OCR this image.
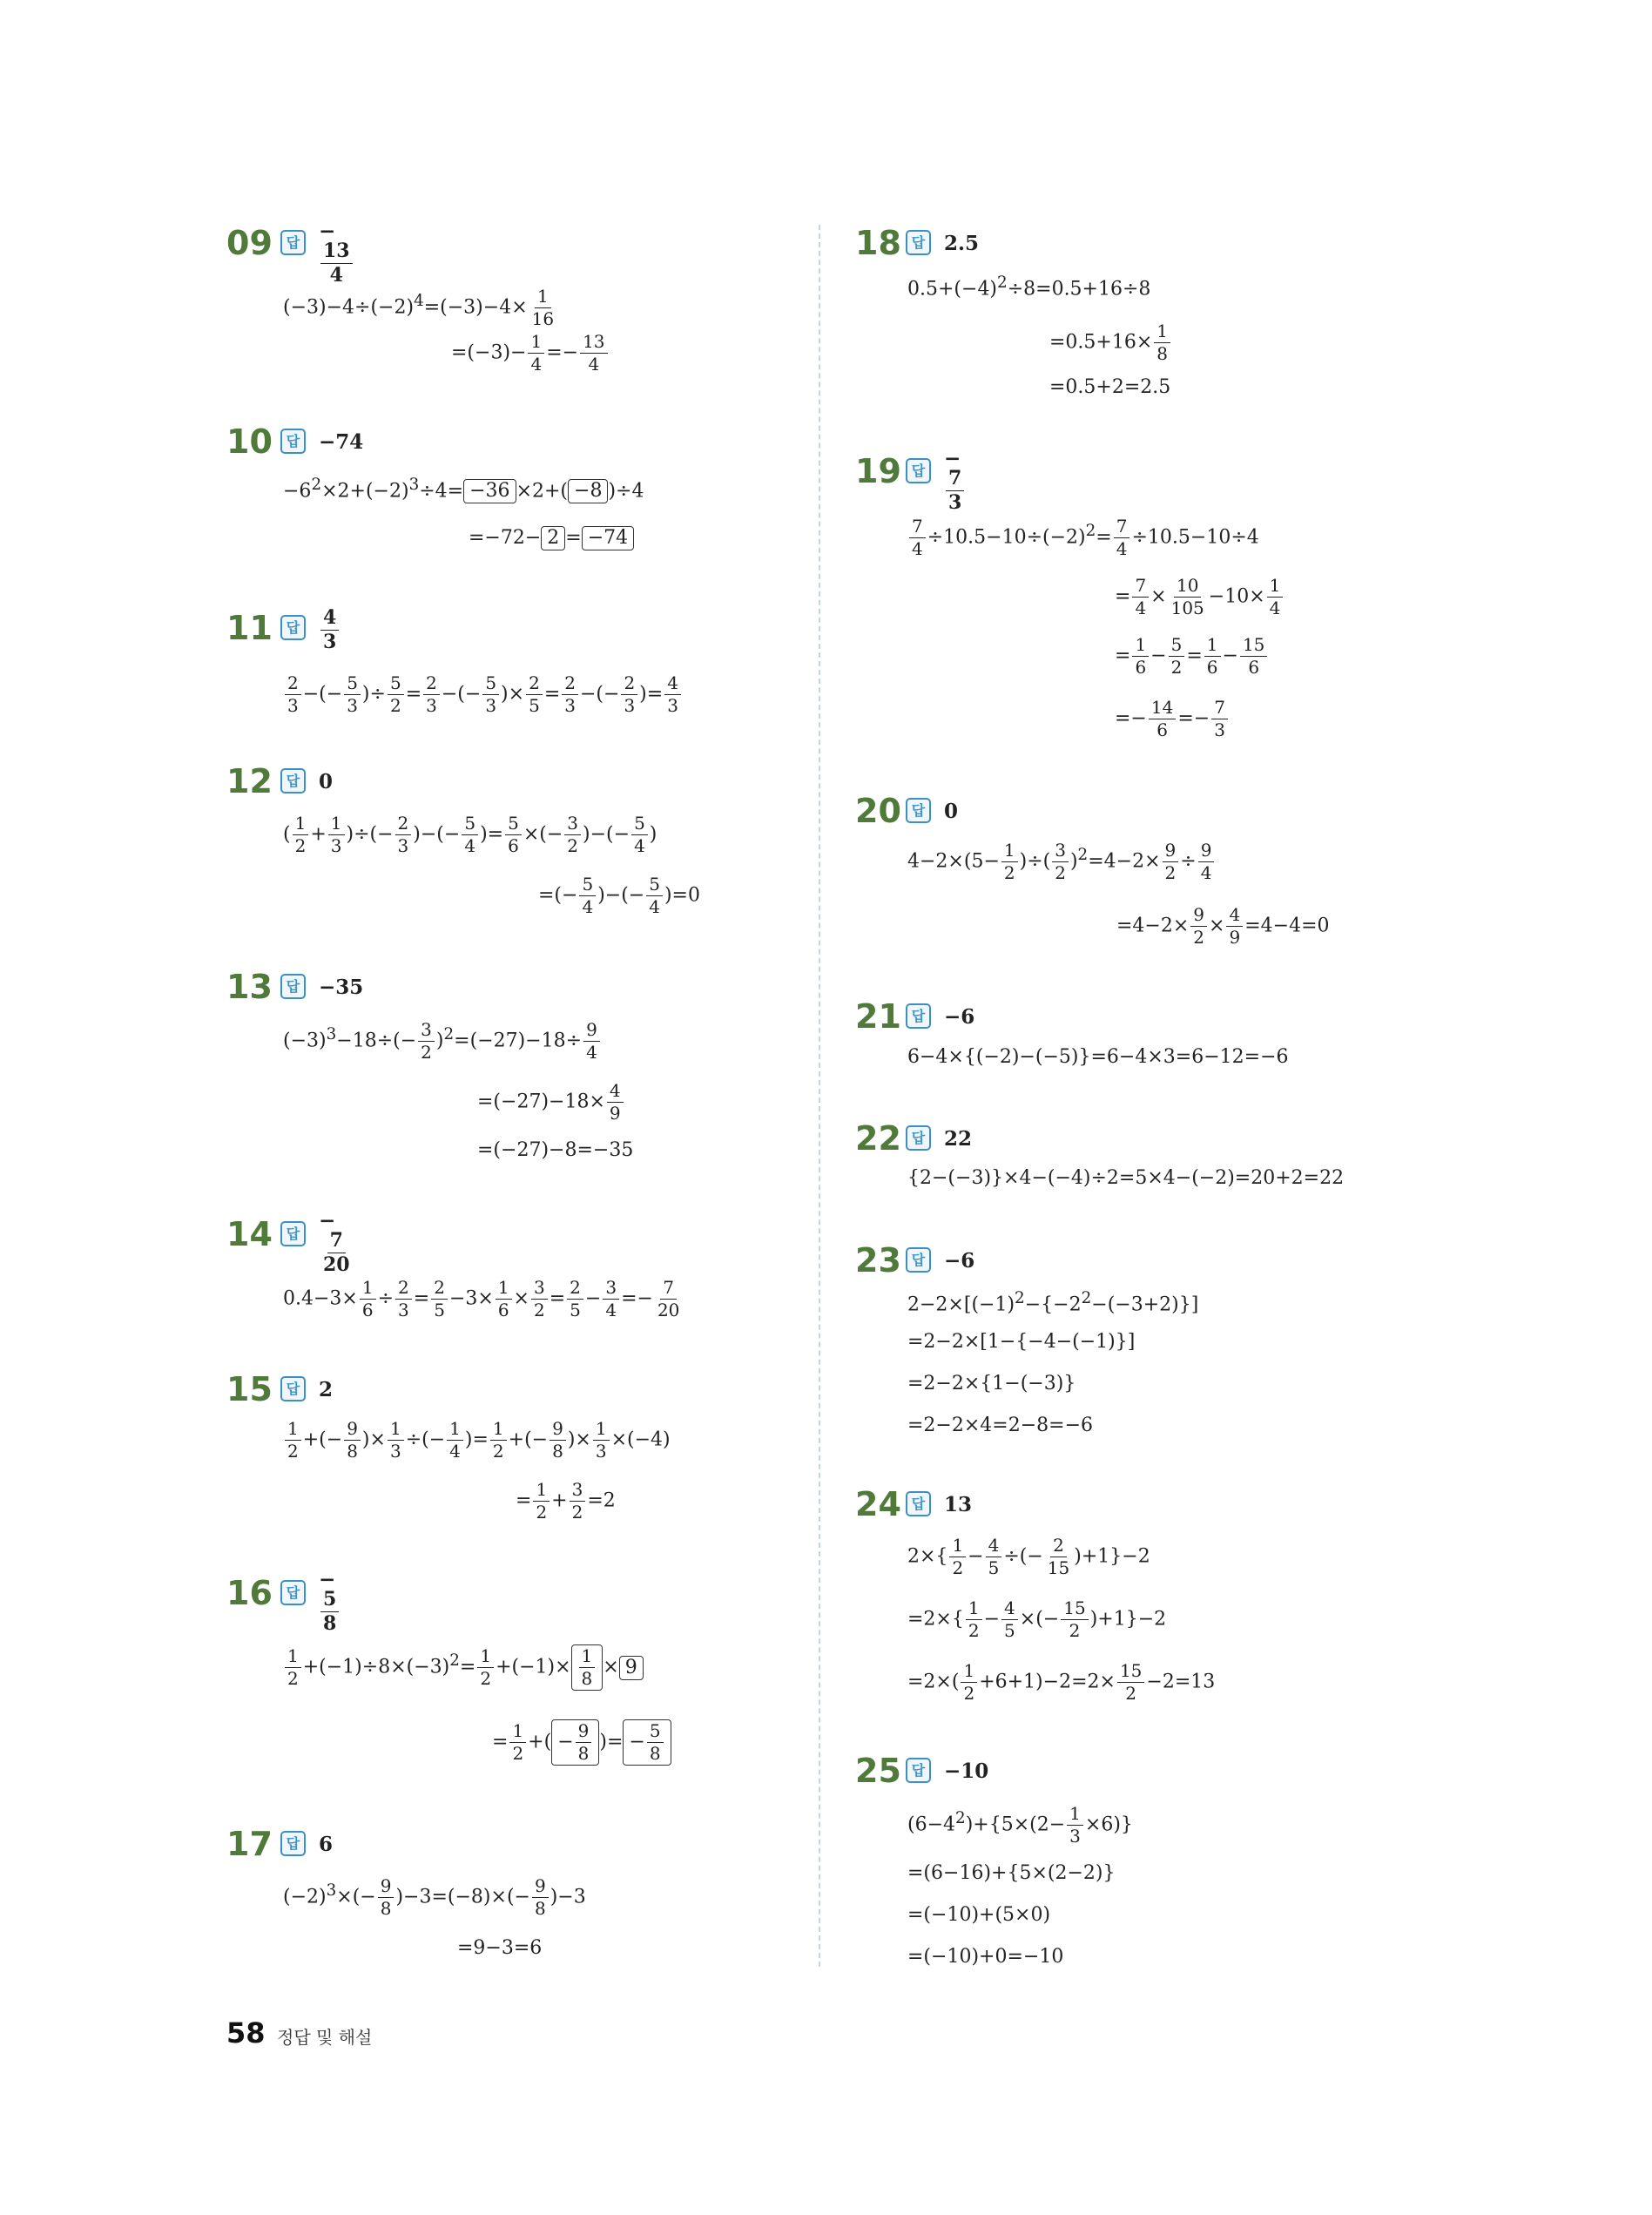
09 답 −
$\frac{13}{4}$
$(-3)-4\div(-2)^4=(-3)-4\times \frac{1}{16}$
$=(-3)- \frac{1}{4} =- \frac{13}{4}$
10 답 −74
$-6^2\times 2+(-2)^3\div 4= -36 \times 2+( -8$ )÷4
=−72− 2 = −74
11 답	$\frac{4}{3}$
$\frac{2}{3}$ −(− $\frac{5}{3}$ )÷ $\frac{5}{2} = \frac{2}{3}$ −(− $\frac{5}{3}$ )× $\frac{2}{5} = \frac{2}{3}$ −(− $\frac{2}{3}$ )= $\frac{4}{3}$
12 답 0
( $\frac{1}{2} + \frac{1}{3}$ )÷(− $\frac{2}{3}$ )−(− $\frac{5}{4}$ )= $\frac{5}{6}$ ×(− $\frac{3}{2}$ )−(− $\frac{5}{4}$ )
=(− $\frac{5}{4}$ )−(− $\frac{5}{4} )=0$
13 답 −35
$(-3)^3-18\div(- \frac{3}{2} )^2=(-27)-18\div \frac{9}{4}$
$=(-27)-18\times \frac{4}{9}$
=(−27)−8=−35
14 답
−
$\frac{7}{20}$
$0.4-3\times \frac{1}{6} \div \frac{2}{3} = \frac{2}{5} -3\times \frac{1}{6} \times \frac{3}{2} = \frac{2}{5} - \frac{3}{4} =- \frac{7}{20}$
15 답 2
$\frac{1}{2}$ +(− $\frac{9}{8}$ )× $\frac{1}{3}$ ÷(− $\frac{1}{4}$ )= $\frac{1}{2}$ +(− $\frac{9}{8}$ )× $\frac{1}{3} \times(-4)$
= $\frac{1}{2} + \frac{3}{2} =2$
16 답
−
$\frac{5}{8}$
$\frac{1}{2} +(-1)\div 8\times(-3)^2= \frac{1}{2} +(-1)\times \frac{1}{8} \times 9$
= $\frac{1}{2}$ +( − $\frac{9}{8}$ )= − $\frac{5}{8}$
17 답 6
$(-2)^3\times(- \frac{9}{8} )-3=(-8)\times(- \frac{9}{8} )-3$
=9−3=6
18 답 2.5
$0.5+(-4)^2\div 8=0.5+16\div 8$
$=0.5+16\times \frac{1}{8}$
=0.5+2=2.5
19 답
−
$\frac{7}{3}$
$\frac{7}{4} \div 10.5-10\div(-2)^2= \frac{7}{4} \div 10.5-10\div 4$
= $\frac{7}{4} \times \frac{10}{105} -10\times \frac{1}{4}$
= $\frac{1}{6} - \frac{5}{2} = \frac{1}{6} - \frac{15}{6}$
=− $\frac{14}{6} =- \frac{7}{3}$
20 답 0
$4-2\times(5- \frac{1}{2}$ )÷( $\frac{3}{2} )^2=4-2\times \frac{9}{2} \div \frac{9}{4}$
$=4-2\times \frac{9}{2} \times \frac{4}{9} =4-4=0$
21 답 −6
6−4×{(−2)−(−5)}=6−4×3=6−12=−6
22 답 22
{2−(−3)}×4−(−4)÷2=5×4−(−2)=20+2=22
23 답 −6
$2-2\times[(-1)^2-\{-2^2-(-3+2)\}]$
=2−2×[1−{−4−(−1)}]
=2−2×{1−(−3)}
=2−2×4=2−8=−6
24 답 13
$2\times\{ \frac{1}{2} - \frac{4}{5}$ ÷(− $\frac{2}{15} )+1\}-2$
$=2\times\{ \frac{1}{2} - \frac{4}{5}$ ×(− $\frac{15}{2} )+1\}-2$
$=2\times( \frac{1}{2} +6+1)-2=2\times \frac{15}{2} -2=13$
25 답 −10
$(6-4^2)+\{5\times(2- \frac{1}{3} \times 6)\}$
=(6−16)+{5×(2−2)}
=(−10)+(5×0)
=(−10)+0=−10
58 정답 및 해설
